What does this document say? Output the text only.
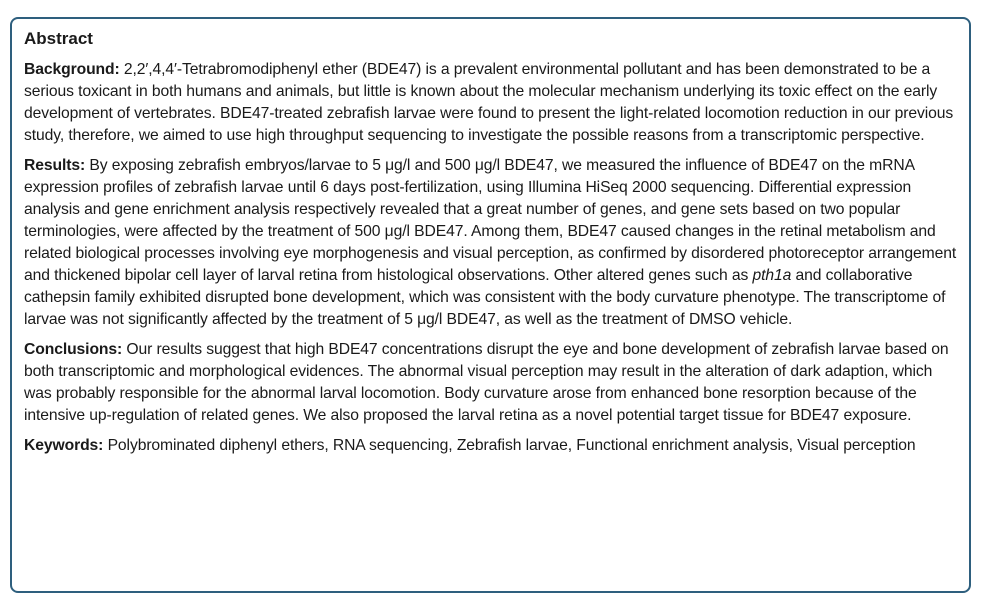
Abstract

Background: 2,2′,4,4′-Tetrabromodiphenyl ether (BDE47) is a prevalent environmental pollutant and has been demonstrated to be a serious toxicant in both humans and animals, but little is known about the molecular mechanism underlying its toxic effect on the early development of vertebrates. BDE47-treated zebrafish larvae were found to present the light-related locomotion reduction in our previous study, therefore, we aimed to use high throughput sequencing to investigate the possible reasons from a transcriptomic perspective.

Results: By exposing zebrafish embryos/larvae to 5 μg/l and 500 μg/l BDE47, we measured the influence of BDE47 on the mRNA expression profiles of zebrafish larvae until 6 days post-fertilization, using Illumina HiSeq 2000 sequencing. Differential expression analysis and gene enrichment analysis respectively revealed that a great number of genes, and gene sets based on two popular terminologies, were affected by the treatment of 500 μg/l BDE47. Among them, BDE47 caused changes in the retinal metabolism and related biological processes involving eye morphogenesis and visual perception, as confirmed by disordered photoreceptor arrangement and thickened bipolar cell layer of larval retina from histological observations. Other altered genes such as pth1a and collaborative cathepsin family exhibited disrupted bone development, which was consistent with the body curvature phenotype. The transcriptome of larvae was not significantly affected by the treatment of 5 μg/l BDE47, as well as the treatment of DMSO vehicle.

Conclusions: Our results suggest that high BDE47 concentrations disrupt the eye and bone development of zebrafish larvae based on both transcriptomic and morphological evidences. The abnormal visual perception may result in the alteration of dark adaption, which was probably responsible for the abnormal larval locomotion. Body curvature arose from enhanced bone resorption because of the intensive up-regulation of related genes. We also proposed the larval retina as a novel potential target tissue for BDE47 exposure.

Keywords: Polybrominated diphenyl ethers, RNA sequencing, Zebrafish larvae, Functional enrichment analysis, Visual perception
